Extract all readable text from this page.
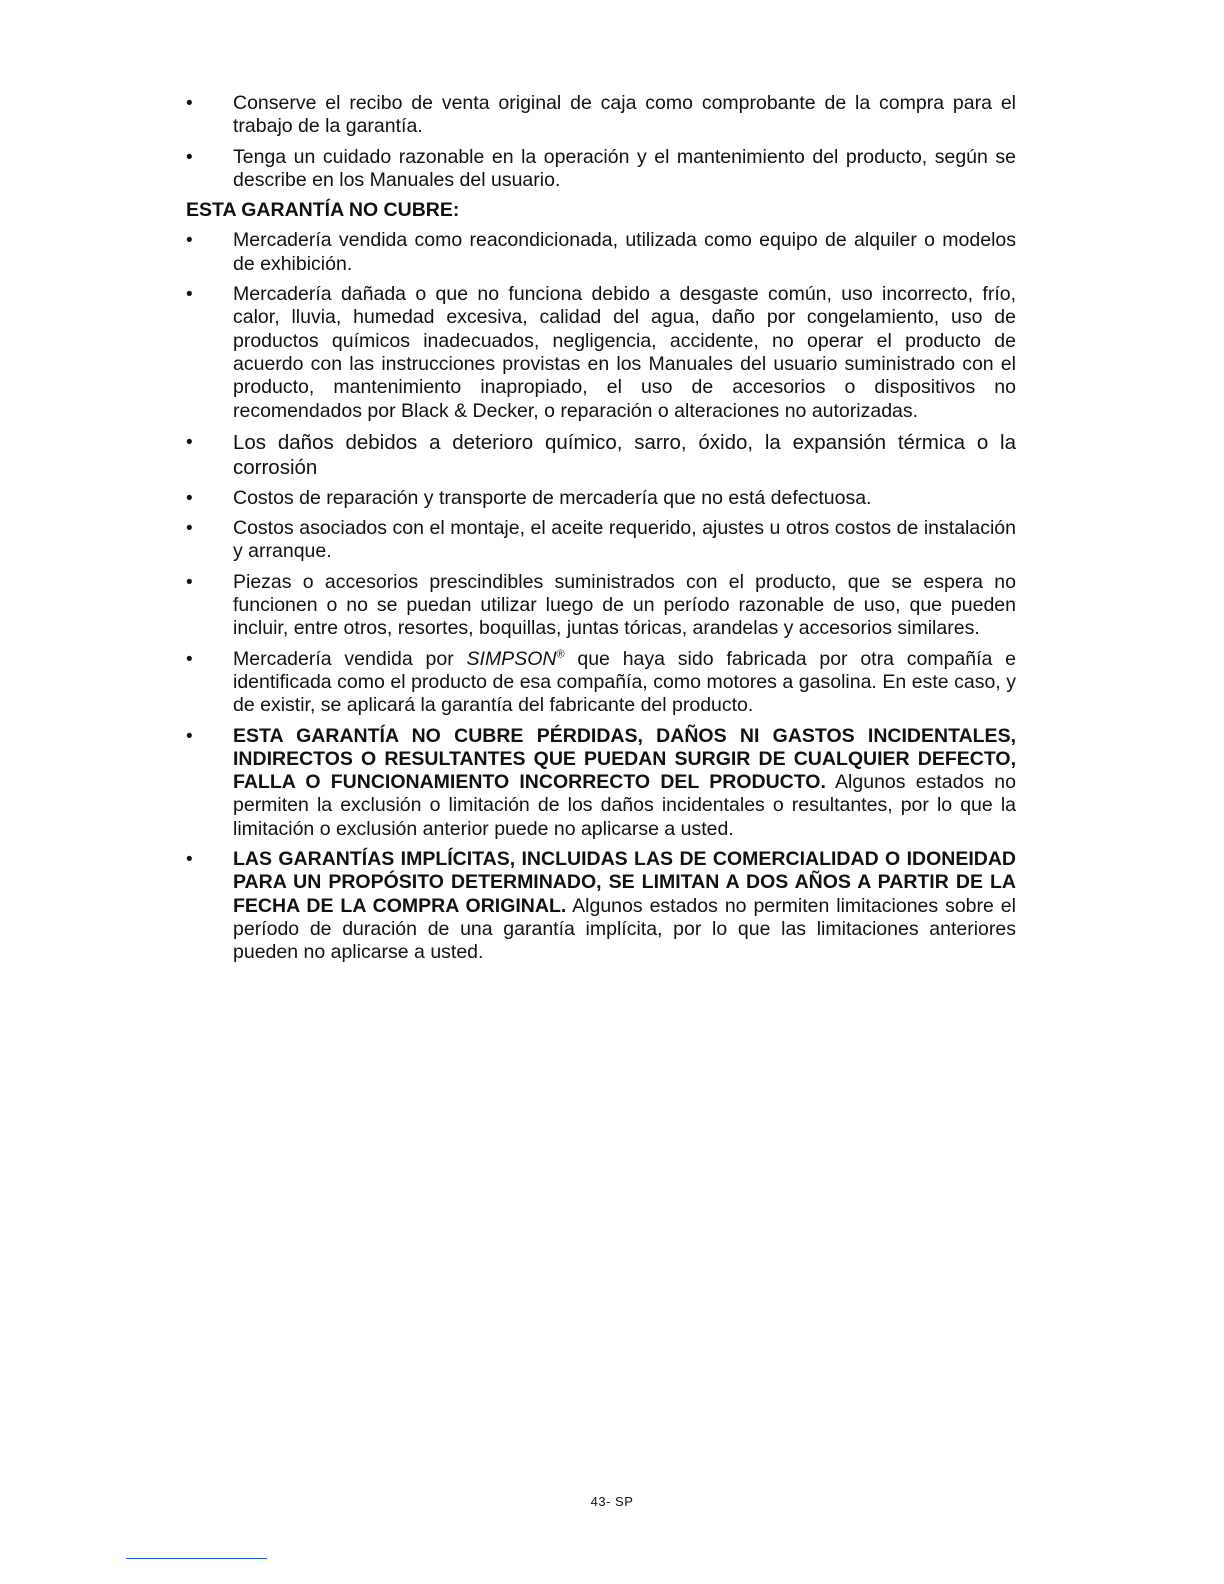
• Conserve el recibo de venta original de caja como comprobante de la compra para el trabajo de la garantía.
• Tenga un cuidado razonable en la operación y el mantenimiento del producto, según se describe en los Manuales del usuario.
ESTA GARANTÍA NO CUBRE:
• Mercadería vendida como reacondicionada, utilizada como equipo de alquiler o modelos de exhibición.
• Mercadería dañada o que no funciona debido a desgaste común, uso incorrecto, frío, calor, lluvia, humedad excesiva, calidad del agua, daño por congelamiento, uso de productos químicos inadecuados, negligencia, accidente, no operar el producto de acuerdo con las instrucciones provistas en los Manuales del usuario suministrado con el producto, mantenimiento inapropiado, el uso de accesorios o dispositivos no recomendados por Black & Decker, o reparación o alteraciones no autorizadas.
• Los daños debidos a deterioro químico, sarro, óxido, la expansión térmica o la corrosión
• Costos de reparación y transporte de mercadería que no está defectuosa.
• Costos asociados con el montaje, el aceite requerido, ajustes u otros costos de instalación y arranque.
• Piezas o accesorios prescindibles suministrados con el producto, que se espera no funcionen o no se puedan utilizar luego de un período razonable de uso, que pueden incluir, entre otros, resortes, boquillas, juntas tóricas, arandelas y accesorios similares.
• Mercadería vendida por SIMPSON® que haya sido fabricada por otra compañía e identificada como el producto de esa compañía, como motores a gasolina. En este caso, y de existir, se aplicará la garantía del fabricante del producto.
• ESTA GARANTÍA NO CUBRE PÉRDIDAS, DAÑOS NI GASTOS INCIDENTALES, INDIRECTOS O RESULTANTES QUE PUEDAN SURGIR DE CUALQUIER DEFECTO, FALLA O FUNCIONAMIENTO INCORRECTO DEL PRODUCTO. Algunos estados no permiten la exclusión o limitación de los daños incidentales o resultantes, por lo que la limitación o exclusión anterior puede no aplicarse a usted.
• LAS GARANTÍAS IMPLÍCITAS, INCLUIDAS LAS DE COMERCIALIDAD O IDONEIDAD PARA UN PROPÓSITO DETERMINADO, SE LIMITAN A DOS AÑOS A PARTIR DE LA FECHA DE LA COMPRA ORIGINAL. Algunos estados no permiten limitaciones sobre el período de duración de una garantía implícita, por lo que las limitaciones anteriores pueden no aplicarse a usted.
43- SP
